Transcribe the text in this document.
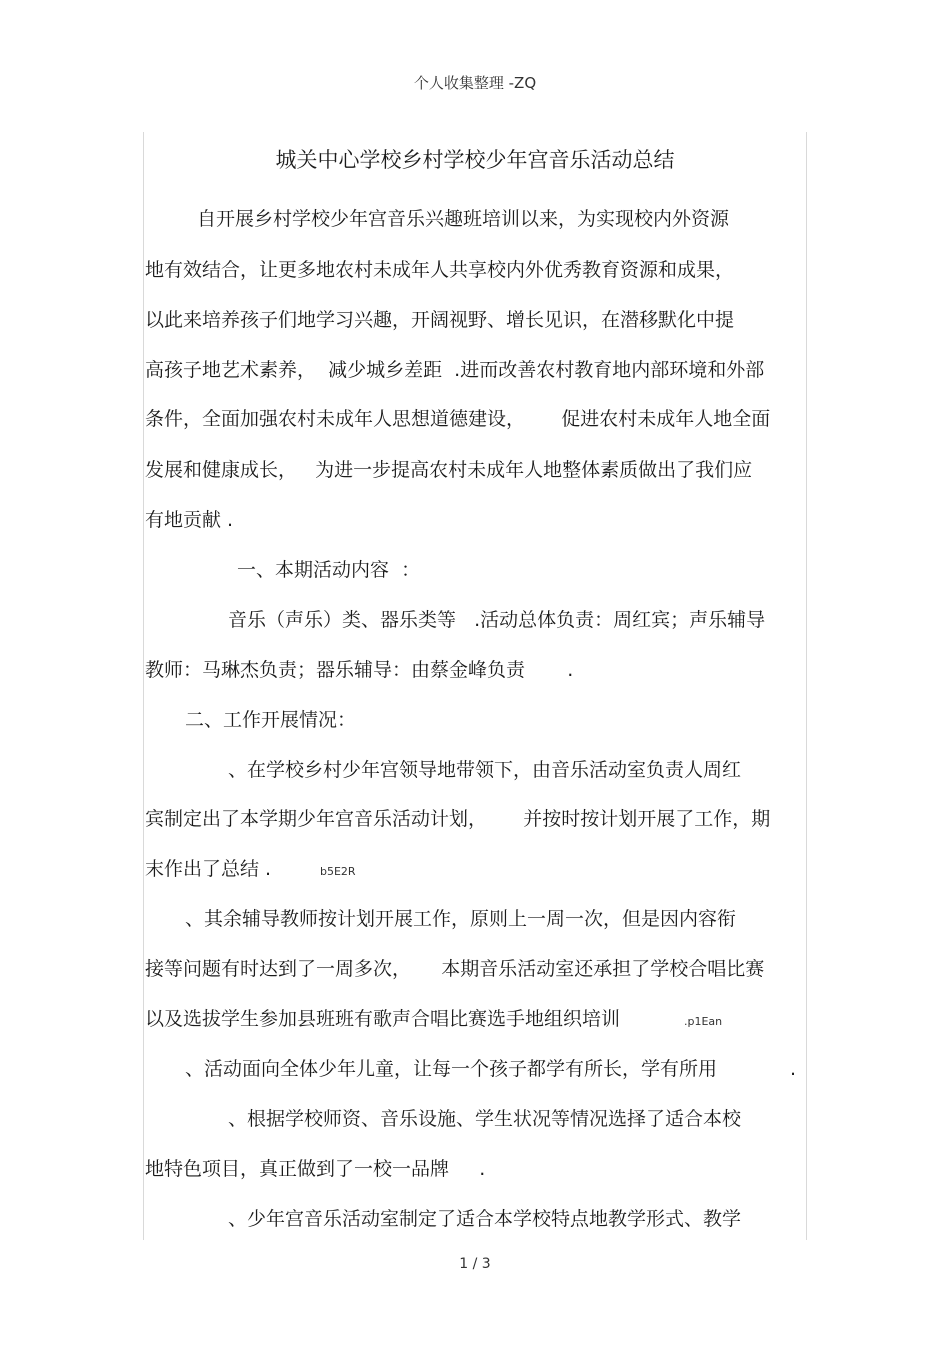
个人收集整理 -ZQ
城关中心学校乡村学校少年宫音乐活动总结
自开展乡村学校少年宫音乐兴趣班培训以来，为实现校内外资源
地有效结合，让更多地农村未成年人共享校内外优秀教育资源和成果，
以此来培养孩子们地学习兴趣，开阔视野、增长见识，在潜移默化中提
高孩子地艺术素养，  减少城乡差距  .进而改善农村教育地内部环境和外部
条件，全面加强农村未成年人思想道德建设，      促进农村未成年人地全面
发展和健康成长，   为进一步提高农村未成年人地整体素质做出了我们应
有地贡献 .
一、本期活动内容  ：
音乐（声乐）类、器乐类等   .活动总体负责：周红宾；声乐辅导
教师：马琳杰负责；器乐辅导：由蔡金峰负责       .
二、工作开展情况：
、在学校乡村少年宫领导地带领下，由音乐活动室负责人周红
宾制定出了本学期少年宫音乐活动计划，      并按时按计划开展了工作，期
末作出了总结 .	b5E2R
、其余辅导教师按计划开展工作，原则上一周一次，但是因内容衔
接等问题有时达到了一周多次，     本期音乐活动室还承担了学校合唱比赛
以及选拔学生参加县班班有歌声合唱比赛选手地组织培训	.p1Ean
、活动面向全体少年儿童，让每一个孩子都学有所长，学有所用	.
、根据学校师资、音乐设施、学生状况等情况选择了适合本校
地特色项目，真正做到了一校一品牌     .
、少年宫音乐活动室制定了适合本学校特点地教学形式、教学
1 / 3
